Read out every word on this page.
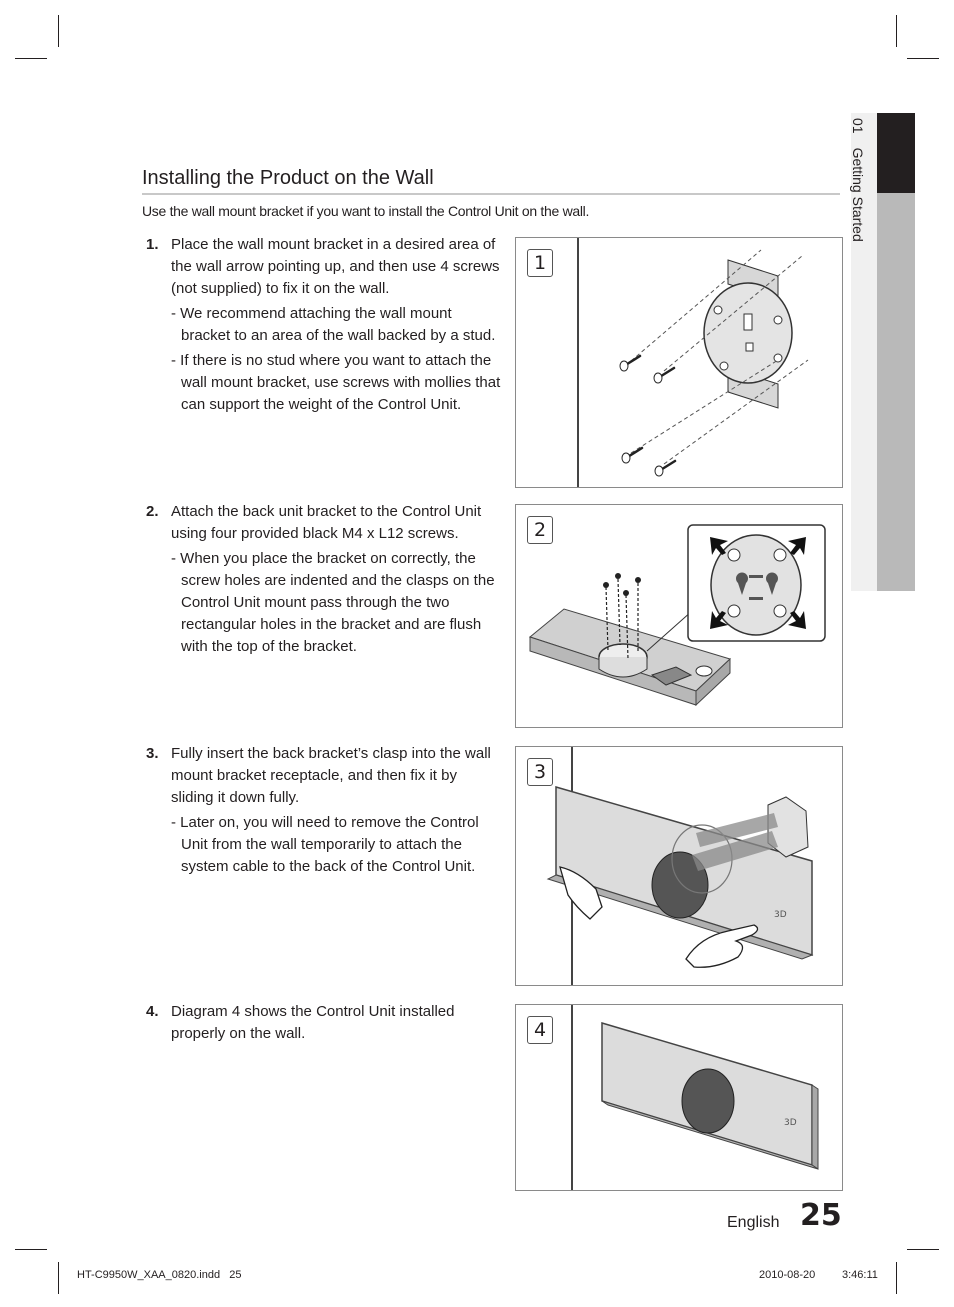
01Getting Started
Installing the Product on the Wall
Use the wall mount bracket if you want to install the Control Unit on the wall.
1. Place the wall mount bracket in a desired area of the wall arrow pointing up, and then use 4 screws (not supplied) to fix it on the wall.
- We recommend attaching the wall mount bracket to an area of the wall backed by a stud.
- If there is no stud where you want to attach the wall mount bracket, use screws with mollies that can support the weight of the Control Unit.
2. Attach the back unit bracket to the Control Unit using four provided black M4 x L12 screws.
- When you place the bracket on correctly, the screw holes are indented and the clasps on the Control Unit mount pass through the two rectangular holes in the bracket and are flush with the top of the bracket.
3. Fully insert the back bracket’s clasp into the wall mount bracket receptacle, and then fix it by sliding it down fully.
- Later on, you will need to remove the Control Unit from the wall temporarily to attach the system cable to the back of the Control Unit.
4. Diagram 4 shows the Control Unit installed properly on the wall.
1
2
3D
3
3D
4
English 25
HT-C9950W_XAA_0820.indd   25	2010-08-20 3:46:11
